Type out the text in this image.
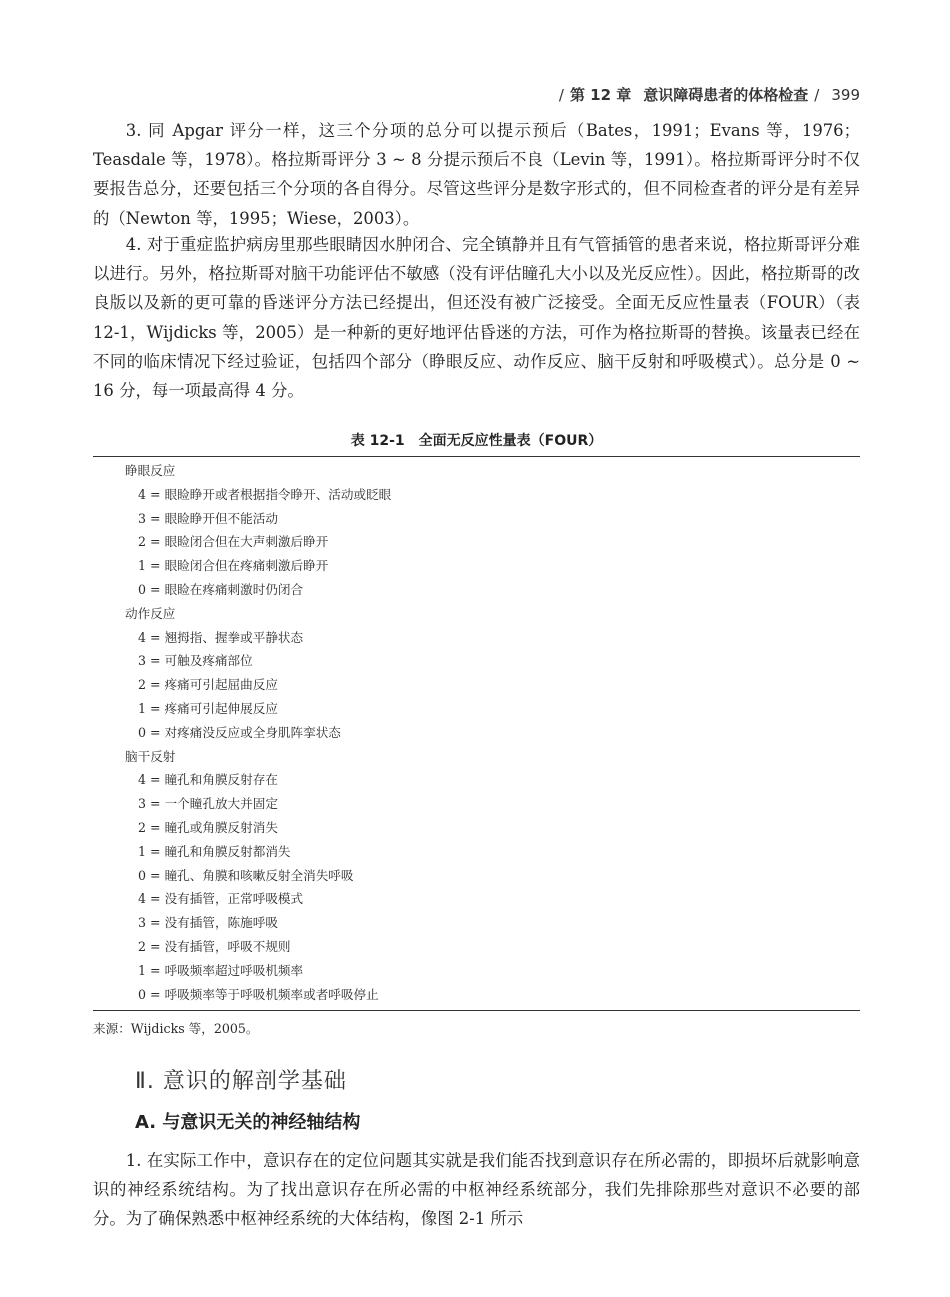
/ 第 12 章 意识障碍患者的体格检查 / 399

3. 同 Apgar 评分一样，这三个分项的总分可以提示预后（Bates，1991；Evans 等，1976；Teasdale 等，1978）。格拉斯哥评分 3 ~ 8 分提示预后不良（Levin 等，1991）。格拉斯哥评分时不仅要报告总分，还要包括三个分项的各自得分。尽管这些评分是数字形式的，但不同检查者的评分是有差异的（Newton 等，1995；Wiese，2003）。

4. 对于重症监护病房里那些眼睛因水肿闭合、完全镇静并且有气管插管的患者来说，格拉斯哥评分难以进行。另外，格拉斯哥对脑干功能评估不敏感（没有评估瞳孔大小以及光反应性）。因此，格拉斯哥的改良版以及新的更可靠的昏迷评分方法已经提出，但还没有被广泛接受。全面无反应性量表（FOUR）（表 12-1，Wijdicks 等，2005）是一种新的更好地评估昏迷的方法，可作为格拉斯哥的替换。该量表已经在不同的临床情况下经过验证，包括四个部分（睁眼反应、动作反应、脑干反射和呼吸模式）。总分是 0 ~ 16 分，每一项最高得 4 分。

表 12-1 全面无反应性量表（FOUR）
睁眼反应
4 = 眼睑睁开或者根据指令睁开、活动或眨眼
3 = 眼睑睁开但不能活动
2 = 眼睑闭合但在大声刺激后睁开
1 = 眼睑闭合但在疼痛刺激后睁开
0 = 眼睑在疼痛刺激时仍闭合
动作反应
4 = 翘拇指、握拳或平静状态
3 = 可触及疼痛部位
2 = 疼痛可引起屈曲反应
1 = 疼痛可引起伸展反应
0 = 对疼痛没反应或全身肌阵挛状态
脑干反射
4 = 瞳孔和角膜反射存在
3 = 一个瞳孔放大并固定
2 = 瞳孔或角膜反射消失
1 = 瞳孔和角膜反射都消失
0 = 瞳孔、角膜和咳嗽反射全消失呼吸
4 = 没有插管，正常呼吸模式
3 = 没有插管，陈施呼吸
2 = 没有插管，呼吸不规则
1 = 呼吸频率超过呼吸机频率
0 = 呼吸频率等于呼吸机频率或者呼吸停止
来源：Wijdicks 等，2005。
Ⅱ. 意识的解剖学基础
A. 与意识无关的神经轴结构

1. 在实际工作中，意识存在的定位问题其实就是我们能否找到意识存在所必需的，即损坏后就影响意识的神经系统结构。为了找出意识存在所必需的中枢神经系统部分，我们先排除那些对意识不必要的部分。为了确保熟悉中枢神经系统的大体结构，像图 2-1 所示
